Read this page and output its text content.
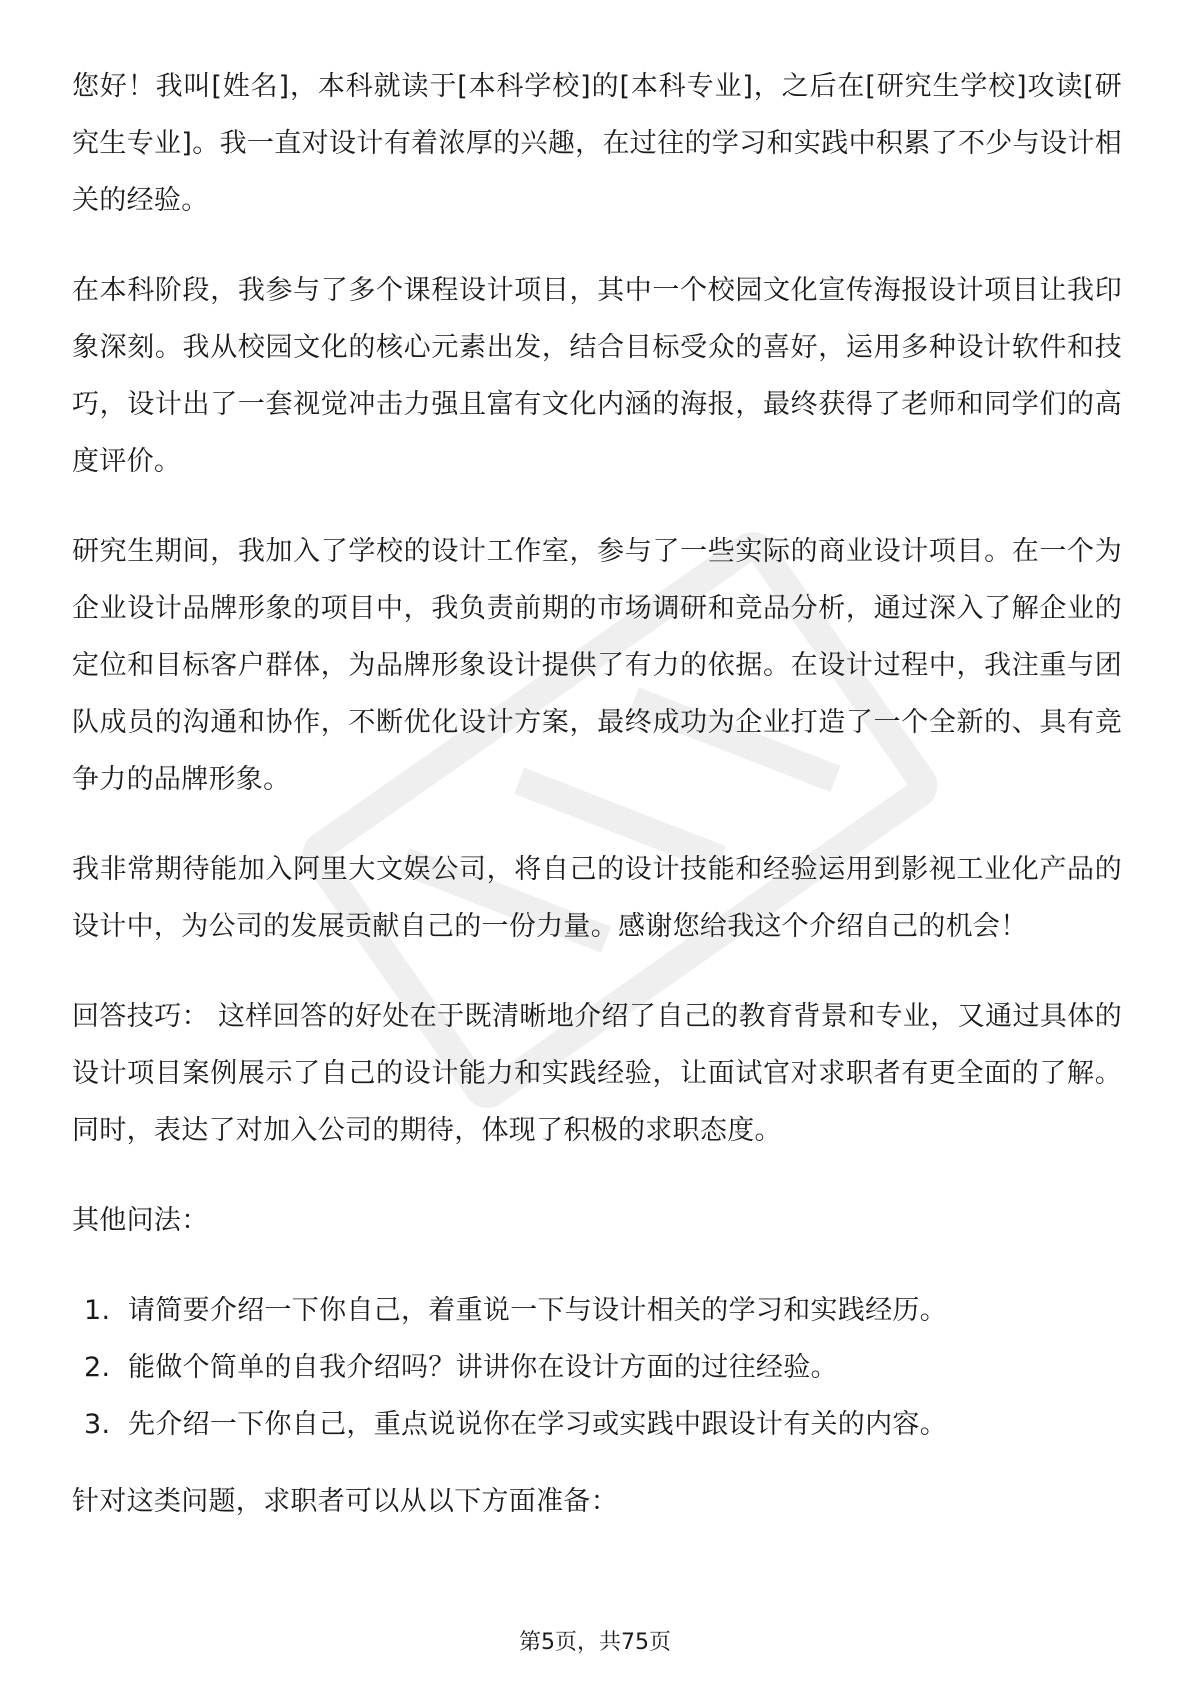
您好！我叫[姓名]，本科就读于[本科学校]的[本科专业]，之后在[研究生学校]攻读[研究生专业]。我一直对设计有着浓厚的兴趣，在过往的学习和实践中积累了不少与设计相关的经验。

在本科阶段，我参与了多个课程设计项目，其中一个校园文化宣传海报设计项目让我印象深刻。我从校园文化的核心元素出发，结合目标受众的喜好，运用多种设计软件和技巧，设计出了一套视觉冲击力强且富有文化内涵的海报，最终获得了老师和同学们的高度评价。

研究生期间，我加入了学校的设计工作室，参与了一些实际的商业设计项目。在一个为企业设计品牌形象的项目中，我负责前期的市场调研和竞品分析，通过深入了解企业的定位和目标客户群体，为品牌形象设计提供了有力的依据。在设计过程中，我注重与团队成员的沟通和协作，不断优化设计方案，最终成功为企业打造了一个全新的、具有竞争力的品牌形象。

我非常期待能加入阿里大文娱公司，将自己的设计技能和经验运用到影视工业化产品的设计中，为公司的发展贡献自己的一份力量。感谢您给我这个介绍自己的机会！

回答技巧： 这样回答的好处在于既清晰地介绍了自己的教育背景和专业，又通过具体的设计项目案例展示了自己的设计能力和实践经验，让面试官对求职者有更全面的了解。同时，表达了对加入公司的期待，体现了积极的求职态度。

其他问法：

1. 请简要介绍一下你自己，着重说一下与设计相关的学习和实践经历。
2. 能做个简单的自我介绍吗？讲讲你在设计方面的过往经验。
3. 先介绍一下你自己，重点说说你在学习或实践中跟设计有关的内容。

针对这类问题，求职者可以从以下方面准备：

第5页，共75页
